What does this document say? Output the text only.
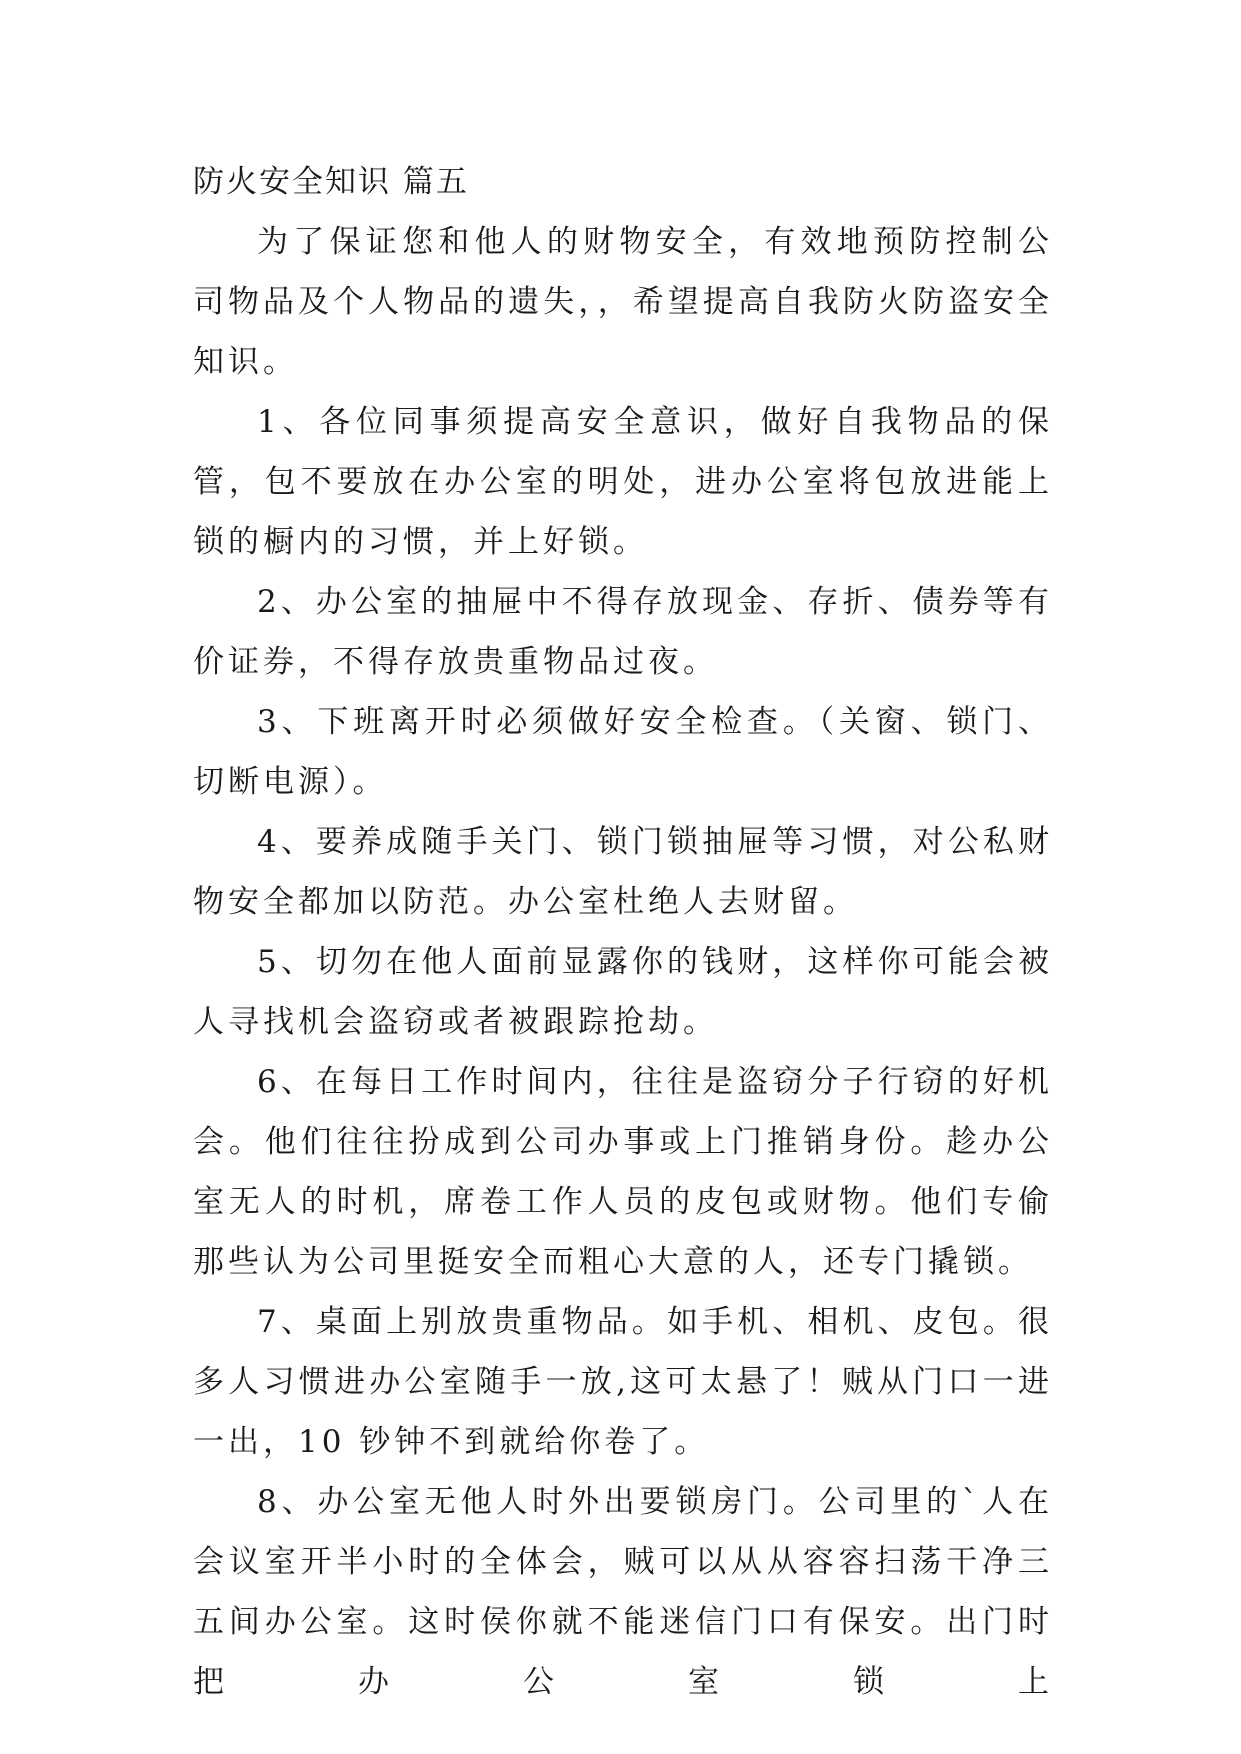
防火安全知识 篇五

为了保证您和他人的财物安全，有效地预防控制公司物品及个人物品的遗失，，希望提高自我防火防盗安全知识。

1、各位同事须提高安全意识，做好自我物品的保管，包不要放在办公室的明处，进办公室将包放进能上锁的橱内的习惯，并上好锁。

2、办公室的抽屉中不得存放现金、存折、债券等有价证券，不得存放贵重物品过夜。

3、下班离开时必须做好安全检查。（关窗、锁门、切断电源）。

4、要养成随手关门、锁门锁抽屉等习惯，对公私财物安全都加以防范。办公室杜绝人去财留。

5、切勿在他人面前显露你的钱财，这样你可能会被人寻找机会盗窃或者被跟踪抢劫。

6、在每日工作时间内，往往是盗窃分子行窃的好机会。他们往往扮成到公司办事或上门推销身份。趁办公室无人的时机，席卷工作人员的皮包或财物。他们专偷那些认为公司里挺安全而粗心大意的人，还专门撬锁。

7、桌面上别放贵重物品。如手机、相机、皮包。很多人习惯进办公室随手一放,这可太悬了！贼从门口一进一出，10 钞钟不到就给你卷了。

8、办公室无他人时外出要锁房门。公司里的`人在会议室开半小时的全体会，贼可以从从容容扫荡干净三五间办公室。这时侯你就不能迷信门口有保安。出门时把办公室锁上
